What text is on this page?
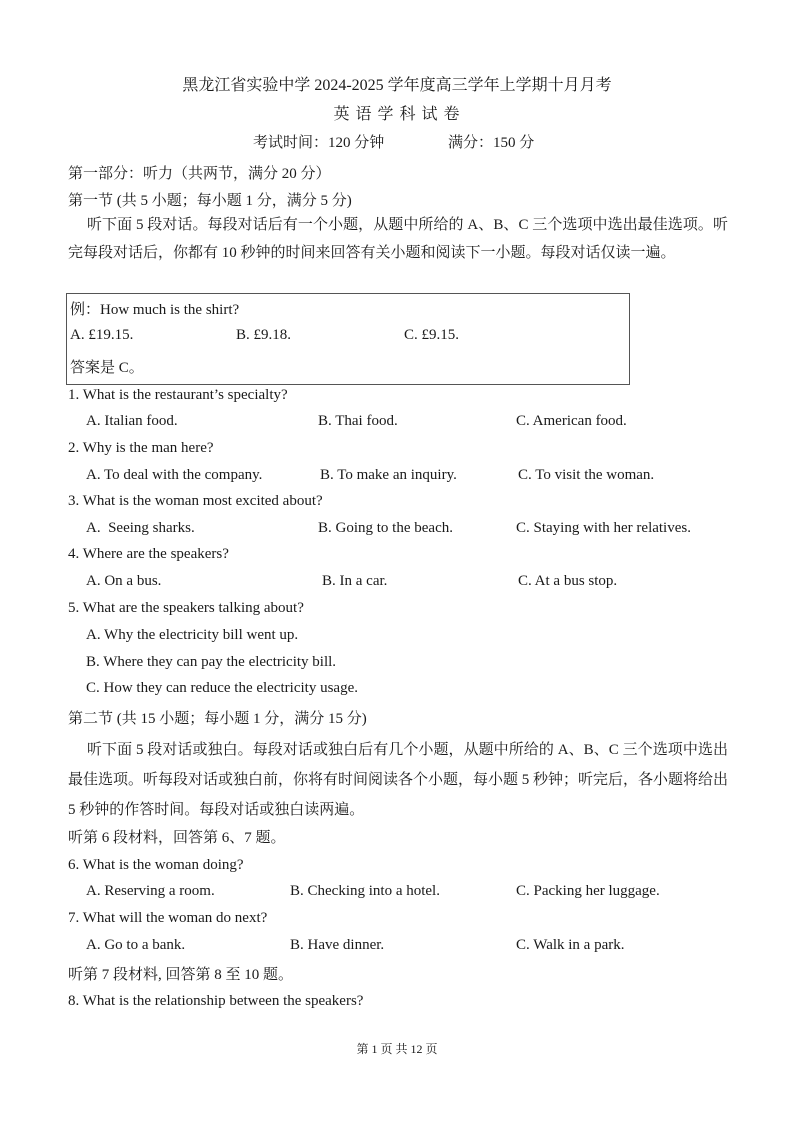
黑龙江省实验中学 2024-2025 学年度高三学年上学期十月月考
英 语 学 科 试 卷
考试时间：120 分钟	满分：150 分
第一部分：听力（共两节，满分 20 分）
第一节 (共 5 小题；每小题 1 分，满分 5 分)
听下面 5 段对话。每段对话后有一个小题，从题中所给的 A、B、C 三个选项中选出最佳选项。听完每段对话后，你都有 10 秒钟的时间来回答有关小题和阅读下一小题。每段对话仅读一遍。
例：How much is the shirt?
A. £19.15.	B. £9.18.	C. £9.15.
答案是 C。
1. What is the restaurant’s specialty?
A. Italian food.	B. Thai food.	C. American food.
2. Why is the man here?
A. To deal with the company.	B. To make an inquiry.	C. To visit the woman.
3. What is the woman most excited about?
A.  Seeing sharks.	B. Going to the beach.	C. Staying with her relatives.
4. Where are the speakers?
A. On a bus.	B. In a car.	C. At a bus stop.
5. What are the speakers talking about?
A. Why the electricity bill went up.
B. Where they can pay the electricity bill.
C. How they can reduce the electricity usage.
第二节 (共 15 小题；每小题 1 分，满分 15 分)
听下面 5 段对话或独白。每段对话或独白后有几个小题，从题中所给的 A、B、C 三个选项中选出最佳选项。听每段对话或独白前，你将有时间阅读各个小题，每小题 5 秒钟；听完后，各小题将给出 5 秒钟的作答时间。每段对话或独白读两遍。
听第 6 段材料，回答第 6、7 题。
6. What is the woman doing?
A. Reserving a room.	B. Checking into a hotel.	C. Packing her luggage.
7. What will the woman do next?
A. Go to a bank.	B. Have dinner.	C. Walk in a park.
听第 7 段材料, 回答第 8 至 10 题。
8. What is the relationship between the speakers?
第 1 页 共 12 页
